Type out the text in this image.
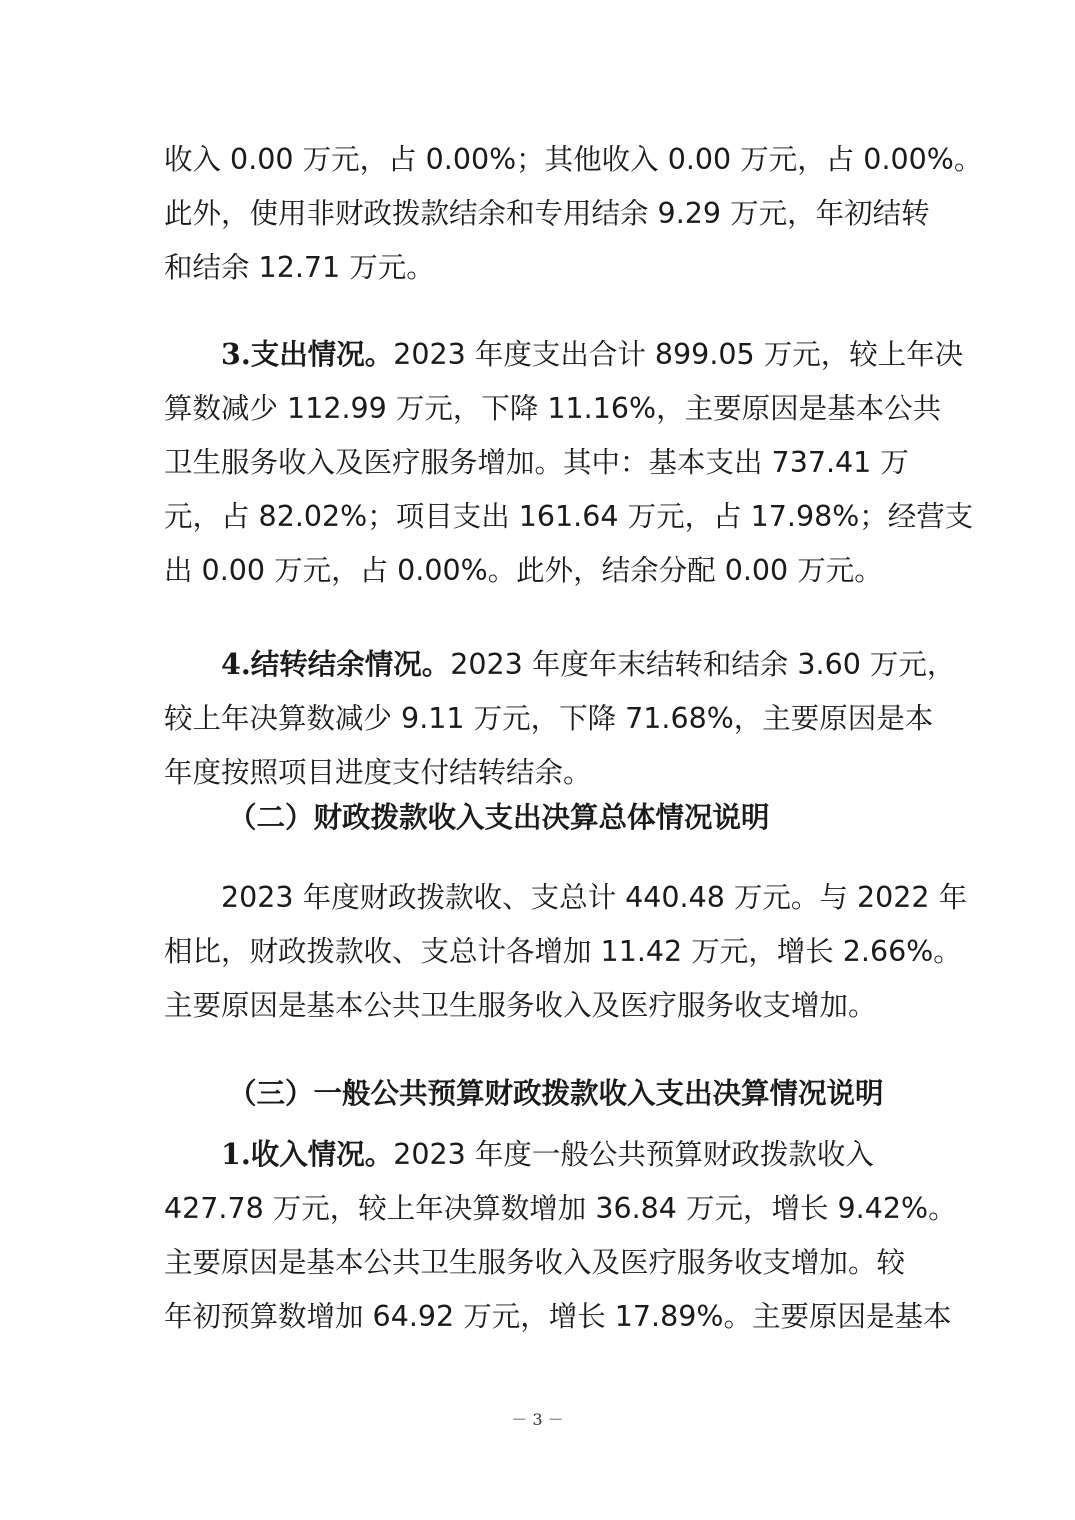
收入 0.00 万元，占 0.00%；其他收入 0.00 万元，占 0.00%。
此外，使用非财政拨款结余和专用结余 9.29 万元，年初结转
和结余 12.71 万元。
3.支出情况。2023 年度支出合计 899.05 万元，较上年决
算数减少 112.99 万元，下降 11.16%，主要原因是基本公共
卫生服务收入及医疗服务增加。其中：基本支出 737.41 万
元，占 82.02%；项目支出 161.64 万元，占 17.98%；经营支
出 0.00 万元，占 0.00%。此外，结余分配 0.00 万元。
4.结转结余情况。2023 年度年末结转和结余 3.60 万元，
较上年决算数减少 9.11 万元，下降 71.68%，主要原因是本
年度按照项目进度支付结转结余。
（二）财政拨款收入支出决算总体情况说明
2023 年度财政拨款收、支总计 440.48 万元。与 2022 年
相比，财政拨款收、支总计各增加 11.42 万元，增长 2.66%。
主要原因是基本公共卫生服务收入及医疗服务收支增加。
（三）一般公共预算财政拨款收入支出决算情况说明
1.收入情况。2023 年度一般公共预算财政拨款收入
427.78 万元，较上年决算数增加 36.84 万元，增长 9.42%。
主要原因是基本公共卫生服务收入及医疗服务收支增加。较
年初预算数增加 64.92 万元，增长 17.89%。主要原因是基本
－ 3 －
